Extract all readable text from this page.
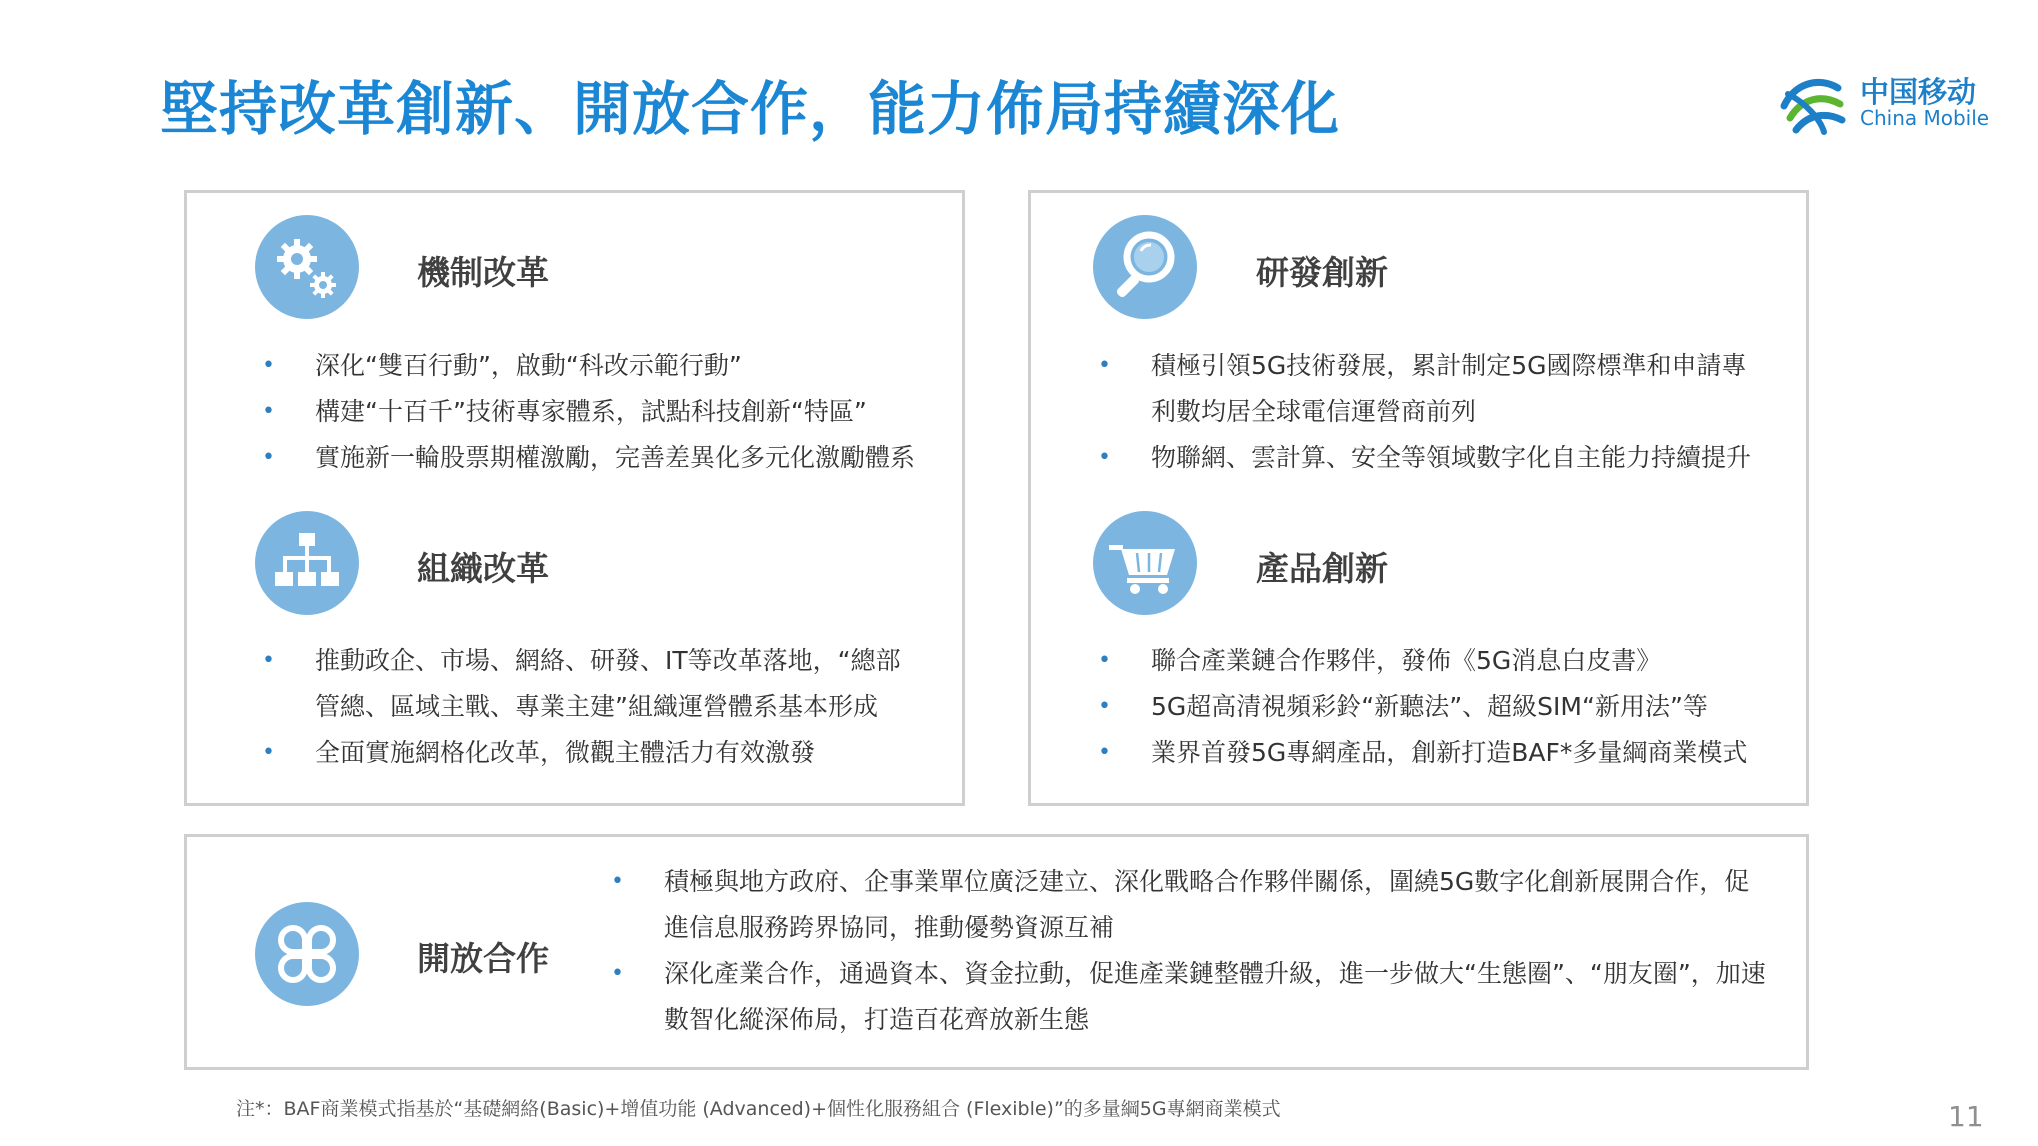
堅持改革創新、開放合作，能力佈局持續深化	中国移动
China Mobile
機制改革
• 深化“雙百行動”，啟動“科改示範行動”
• 構建“十百千”技術專家體系，試點科技創新“特區”
• 實施新一輪股票期權激勵，完善差異化多元化激勵體系
組織改革
• 推動政企、市場、網絡、研發、IT等改革落地，“總部管總、區域主戰、專業主建”組織運營體系基本形成
• 全面實施網格化改革，微觀主體活力有效激發
研發創新
• 積極引領5G技術發展，累計制定5G國際標準和申請專利數均居全球電信運營商前列
• 物聯網、雲計算、安全等領域數字化自主能力持續提升
產品創新
• 聯合產業鏈合作夥伴，發佈《5G消息白皮書》
• 5G超高清視頻彩鈴“新聽法”、超級SIM“新用法”等
• 業界首發5G專網產品，創新打造BAF*多量綱商業模式
開放合作
• 積極與地方政府、企事業單位廣泛建立、深化戰略合作夥伴關係，圍繞5G數字化創新展開合作，促進信息服務跨界協同，推動優勢資源互補
• 深化產業合作，通過資本、資金拉動，促進產業鏈整體升級，進一步做大“生態圈”、“朋友圈”，加速數智化縱深佈局，打造百花齊放新生態
注*：BAF商業模式指基於“基礎網絡(Basic)+增值功能 (Advanced)+個性化服務組合 (Flexible)”的多量綱5G專網商業模式	11
